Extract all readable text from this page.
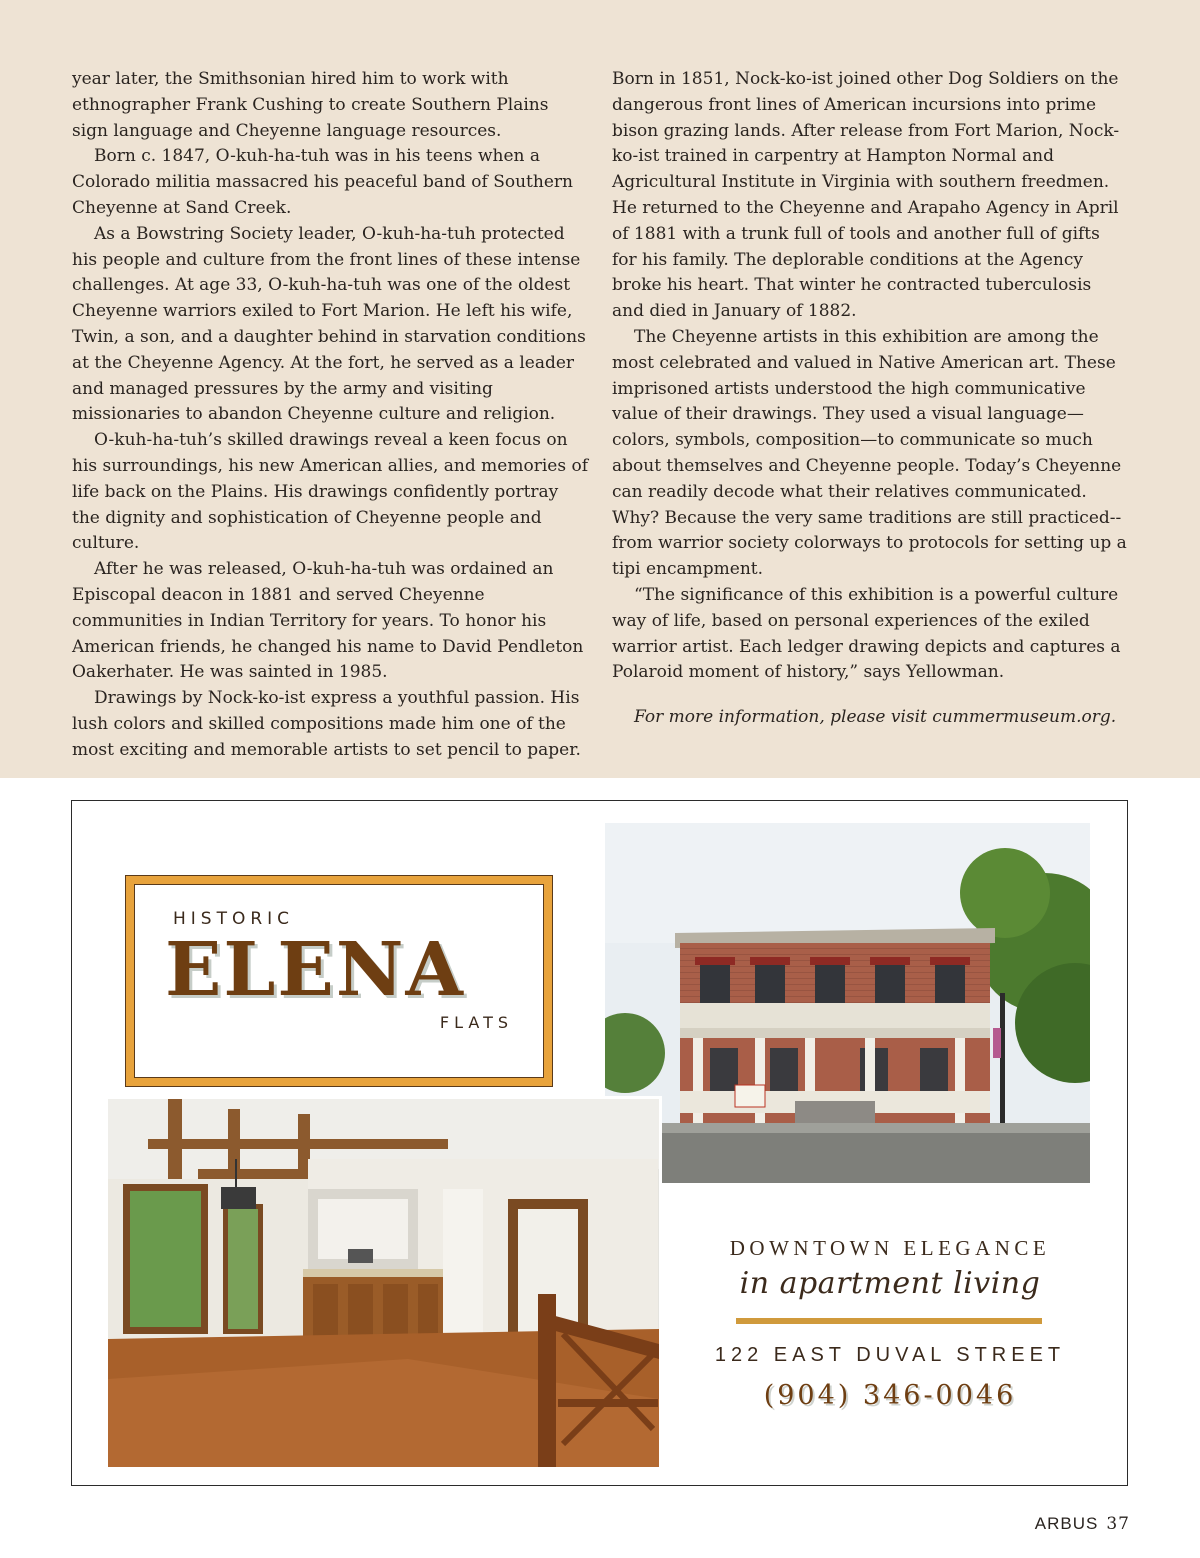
year later, the Smithsonian hired him to work with ethnographer Frank Cushing to create Southern Plains sign language and Cheyenne language resources.

Born c. 1847, O-kuh-ha-tuh was in his teens when a Colorado militia massacred his peaceful band of Southern Cheyenne at Sand Creek.

As a Bowstring Society leader, O-kuh-ha-tuh protected his people and culture from the front lines of these intense challenges. At age 33, O-kuh-ha-tuh was one of the oldest Cheyenne warriors exiled to Fort Marion. He left his wife, Twin, a son, and a daughter behind in starvation conditions at the Cheyenne Agency. At the fort, he served as a leader and managed pressures by the army and visiting missionaries to abandon Cheyenne culture and religion.

O-kuh-ha-tuh’s skilled drawings reveal a keen focus on his surroundings, his new American allies, and memories of life back on the Plains. His drawings confidently portray the dignity and sophistication of Cheyenne people and culture.

After he was released, O-kuh-ha-tuh was ordained an Episcopal deacon in 1881 and served Cheyenne communities in Indian Territory for years. To honor his American friends, he changed his name to David Pendleton Oakerhater. He was sainted in 1985.

Drawings by Nock-ko-ist express a youthful passion. His lush colors and skilled compositions made him one of the most exciting and memorable artists to set pencil to paper.

Born in 1851, Nock-ko-ist joined other Dog Soldiers on the dangerous front lines of American incursions into prime bison grazing lands. After release from Fort Marion, Nock-ko-ist trained in carpentry at Hampton Normal and Agricultural Institute in Virginia with southern freedmen. He returned to the Cheyenne and Arapaho Agency in April of 1881 with a trunk full of tools and another full of gifts for his family. The deplorable conditions at the Agency broke his heart. That winter he contracted tuberculosis and died in January of 1882.

The Cheyenne artists in this exhibition are among the most celebrated and valued in Native American art. These imprisoned artists understood the high communicative value of their drawings. They used a visual language—colors, symbols, composition—to communicate so much about themselves and Cheyenne people. Today’s Cheyenne can readily decode what their relatives communicated. Why? Because the very same traditions are still practiced--from warrior society colorways to protocols for setting up a tipi encampment.

“The significance of this exhibition is a powerful culture way of life, based on personal experiences of the exiled warrior artist. Each ledger drawing depicts and captures a Polaroid moment of history,” says Yellowman.

For more information, please visit cummermuseum.org.

HISTORIC
ELENA
FLATS
DOWNTOWN ELEGANCE
in apartment living
122 EAST DUVAL STREET
(904) 346-0046
ARBUS 37
